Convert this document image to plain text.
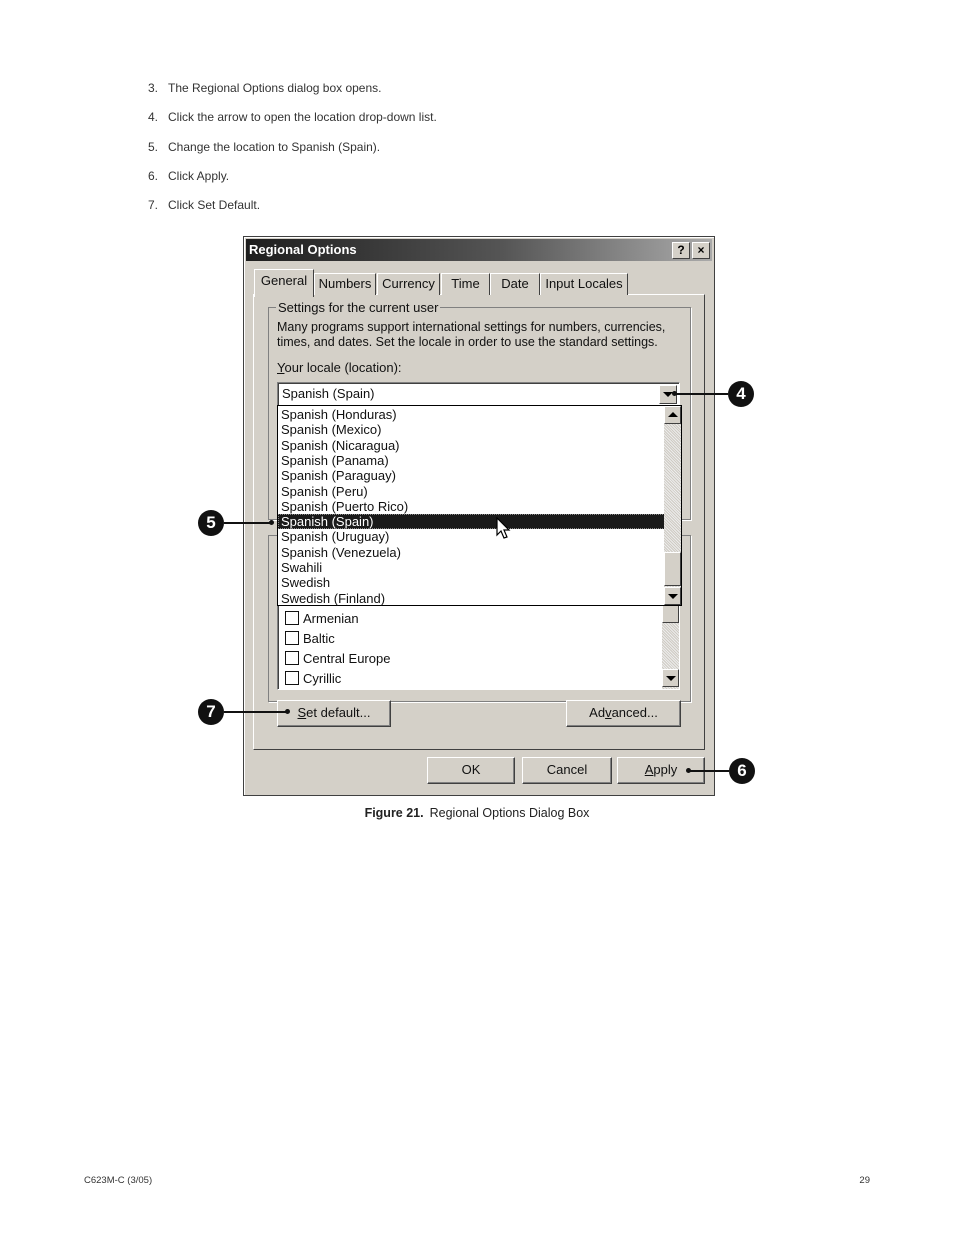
3. The Regional Options dialog box opens.
4. Click the arrow to open the location drop-down list.
5. Change the location to Spanish (Spain).
6. Click Apply.
7. Click Set Default.
Regional Options	?	×
General Numbers Currency	Time	Date	Input Locales
Settings for the current user
Many programs support international settings for numbers, currencies, times, and dates. Set the locale in order to use the standard settings.
Your locale (location):
Spanish (Spain)
Spanish (Honduras)
Spanish (Mexico)
Spanish (Nicaragua)
Spanish (Panama)
Spanish (Paraguay)
Spanish (Peru)
Spanish (Puerto Rico)
Spanish (Spain)
Spanish (Uruguay)
Spanish (Venezuela)
Swahili
Swedish
Swedish (Finland)
Armenian
Baltic
Central Europe
Cyrillic
Set default...	Advanced...
OK	Cancel	Apply
4
5
6
7
Figure 21. Regional Options Dialog Box
C623M-C (3/05)	29
